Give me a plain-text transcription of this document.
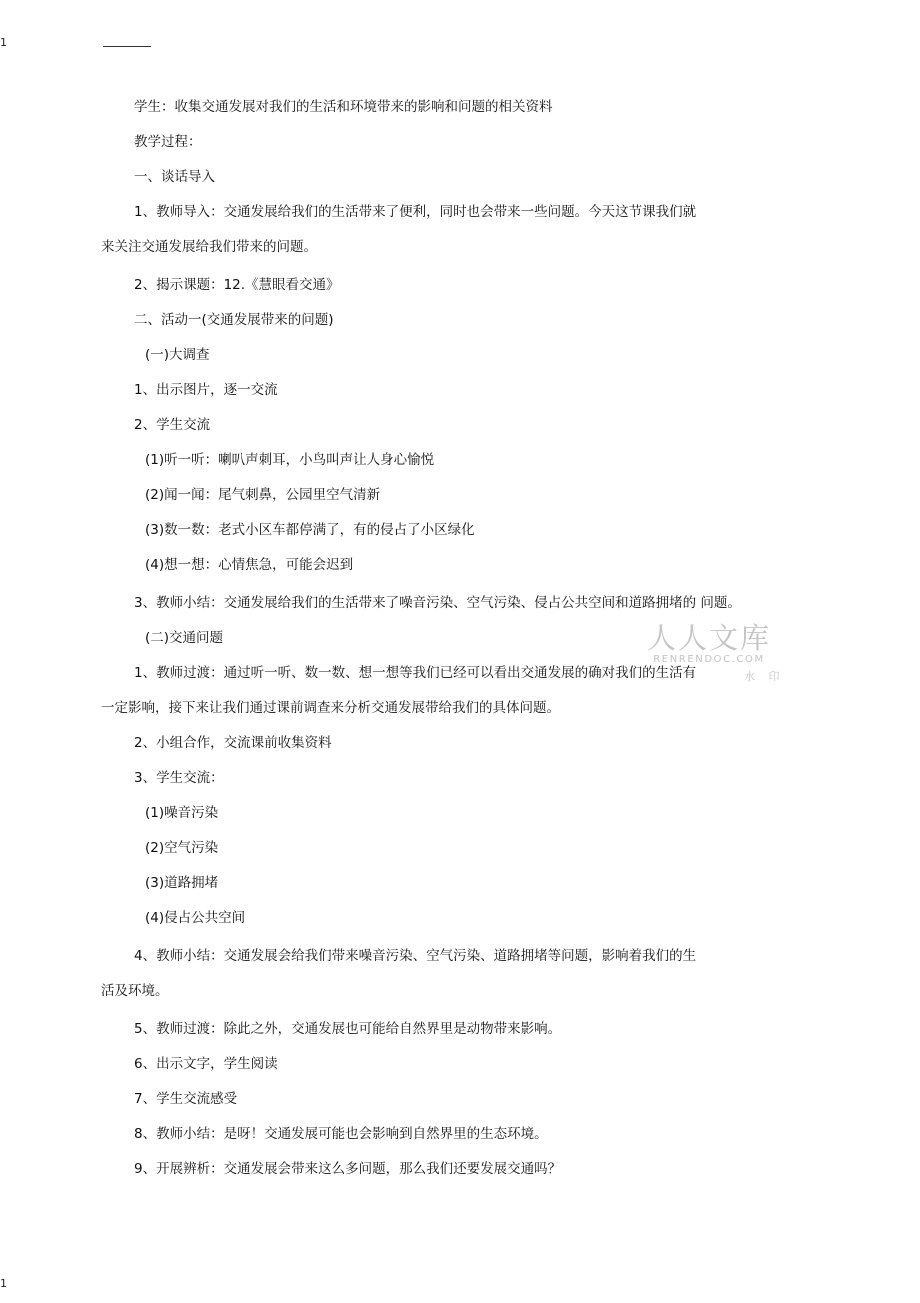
1
学生：收集交通发展对我们的生活和环境带来的影响和问题的相关资料
教学过程：
一、谈话导入
1、教师导入：交通发展给我们的生活带来了便利，同时也会带来一些问题。今天这节课我们就
来关注交通发展给我们带来的问题。
2、揭示课题：12.《慧眼看交通》
二、活动一(交通发展带来的问题)
(一)大调查
1、出示图片，逐一交流
2、学生交流
(1)听一听：喇叭声刺耳，小鸟叫声让人身心愉悦
(2)闻一闻：尾气刺鼻，公园里空气清新
(3)数一数：老式小区车都停满了，有的侵占了小区绿化
(4)想一想：心情焦急，可能会迟到
3、教师小结：交通发展给我们的生活带来了噪音污染、空气污染、侵占公共空间和道路拥堵的 问题。
(二)交通问题
1、教师过渡：通过听一听、数一数、想一想等我们已经可以看出交通发展的确对我们的生活有
一定影响，接下来让我们通过课前调查来分析交通发展带给我们的具体问题。
2、小组合作，交流课前收集资料
3、学生交流：
(1)噪音污染
(2)空气污染
(3)道路拥堵
(4)侵占公共空间
4、教师小结：交通发展会给我们带来噪音污染、空气污染、道路拥堵等问题，影响着我们的生
活及环境。
5、教师过渡：除此之外，交通发展也可能给自然界里是动物带来影响。
6、出示文字，学生阅读
7、学生交流感受
8、教师小结：是呀！交通发展可能也会影响到自然界里的生态环境。
9、开展辨析：交通发展会带来这么多问题，那么我们还要发展交通吗？
人人文库
RENRENDOC.COM
水 印
1
